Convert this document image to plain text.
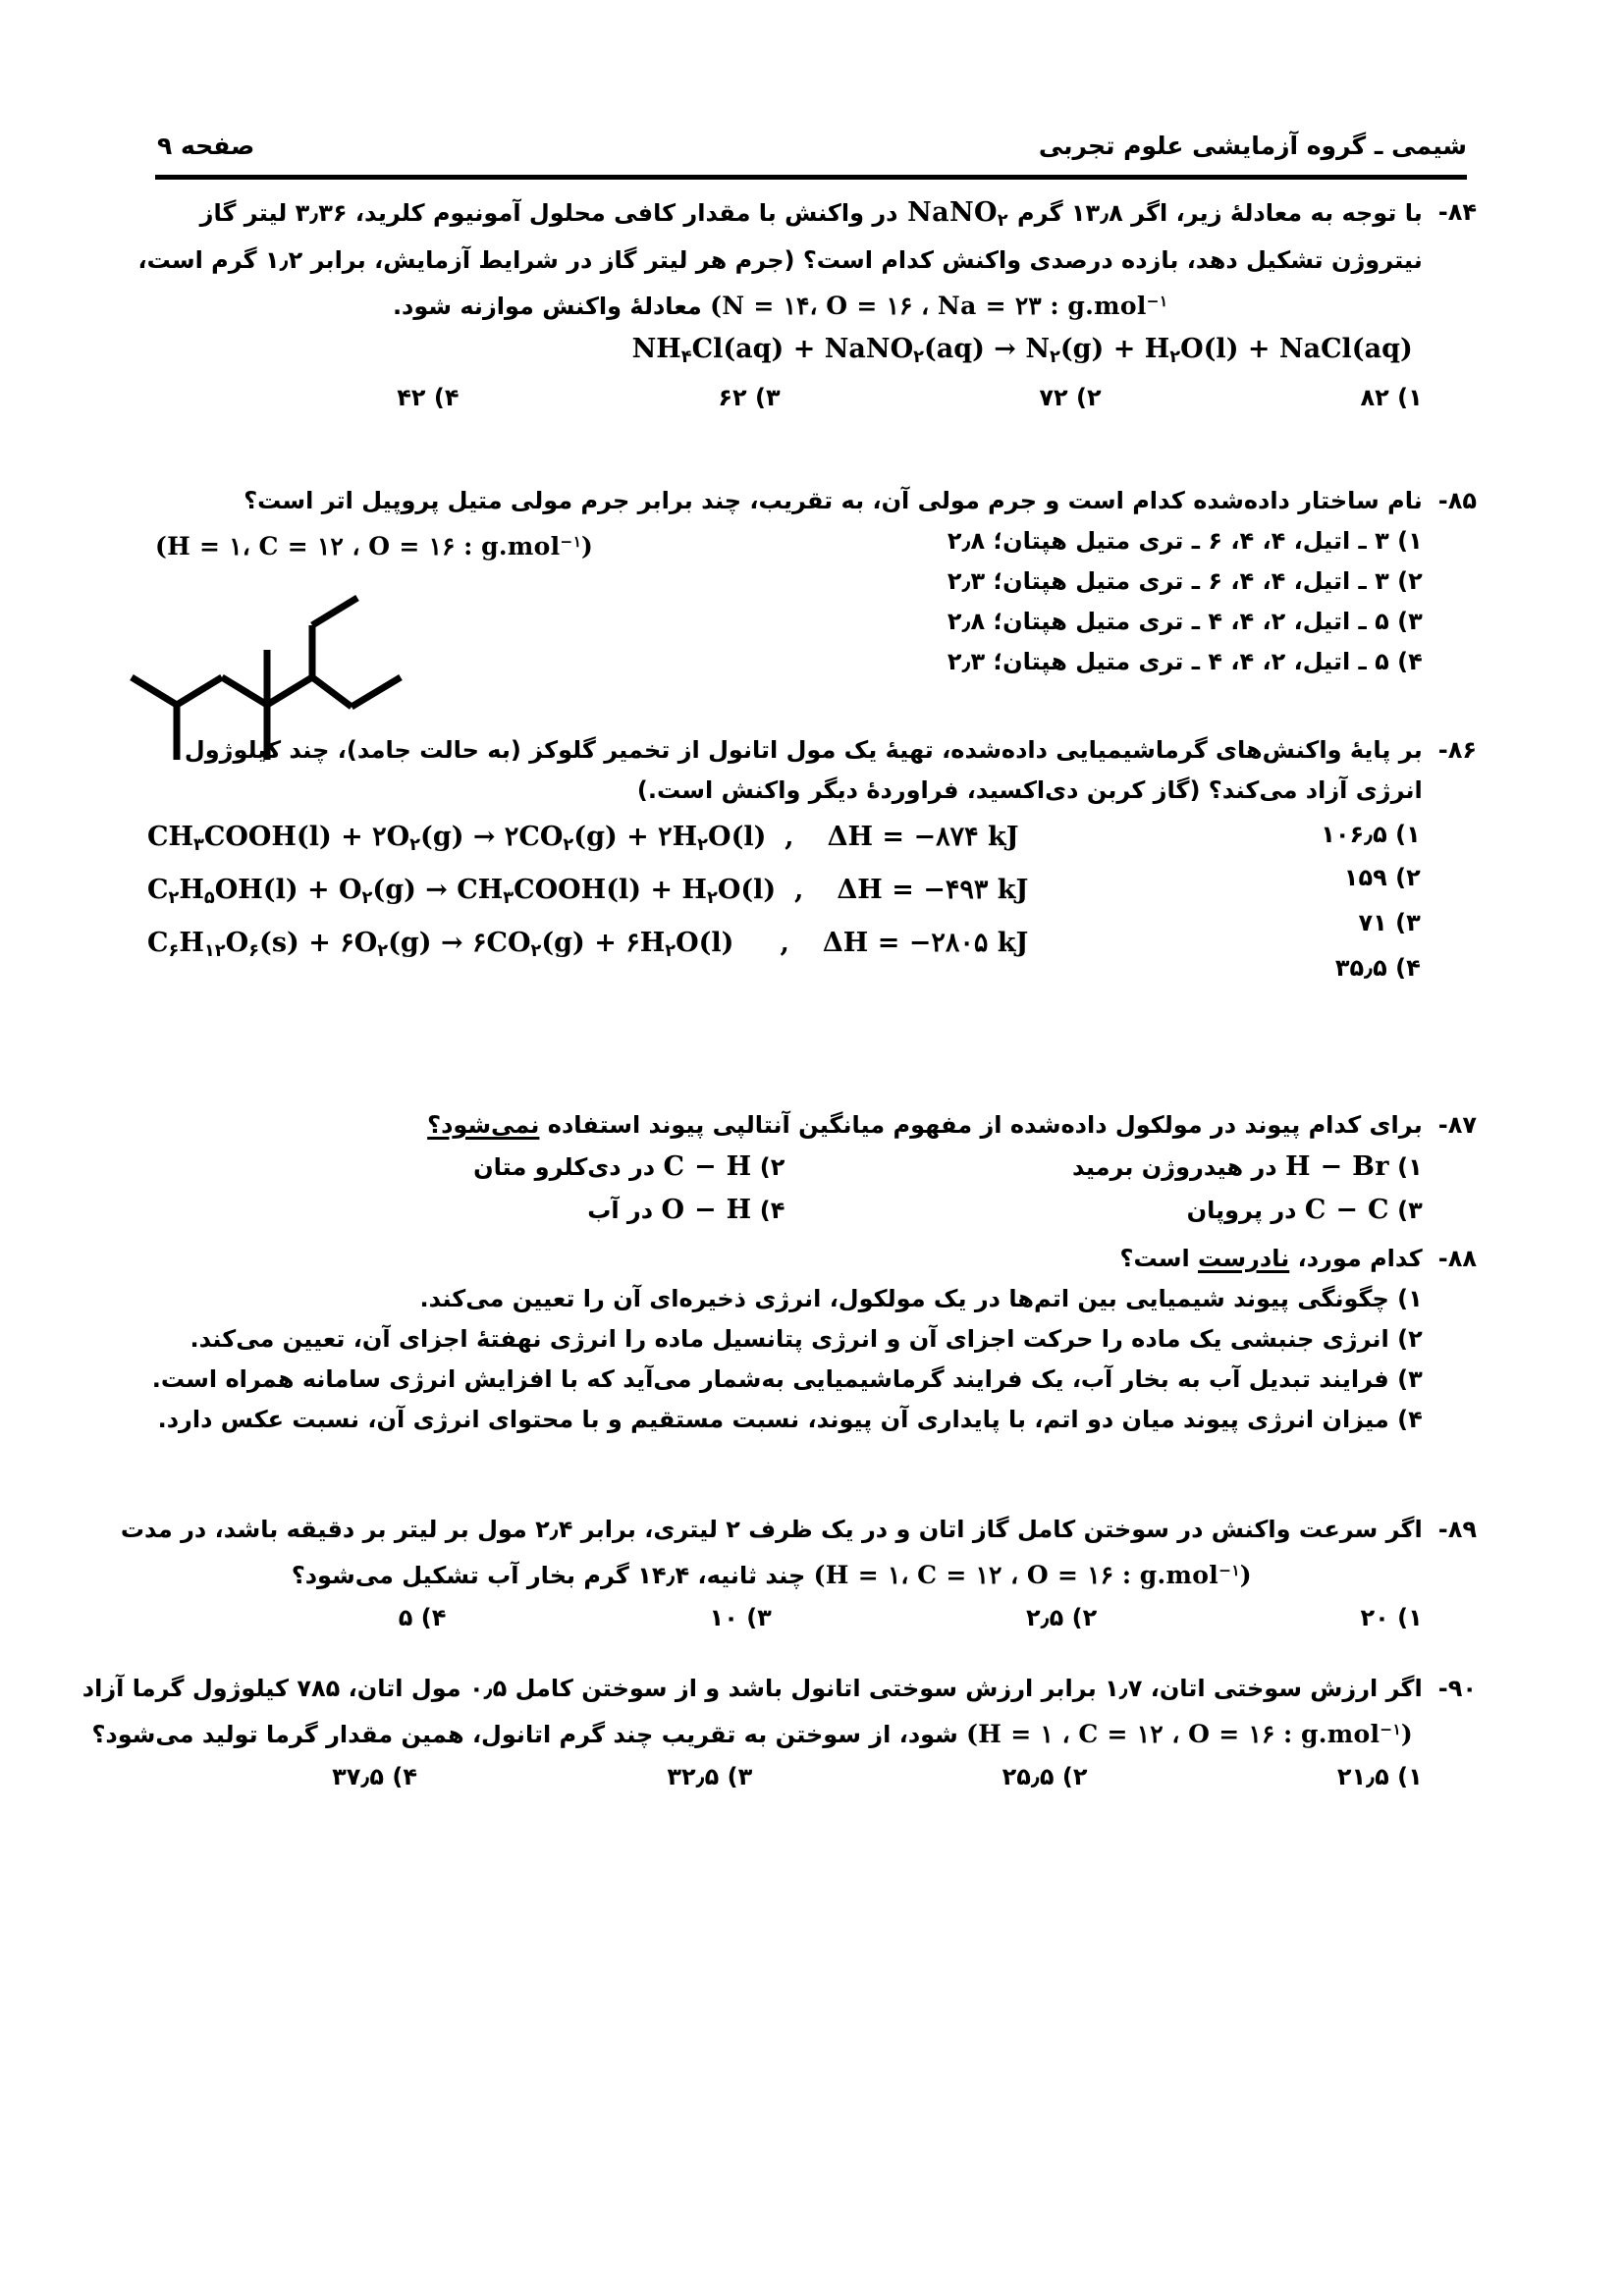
شیمی ـ گروه آزمایشی علوم تجربی
صفحه ۹
۸۴-
با توجه به معادلهٔ زیر، اگر ۱۳٫۸ گرم NaNO$_۲$ در واکنش با مقدار کافی محلول آمونیوم کلرید، ۳٫۳۶ لیتر گاز
نیتروژن تشکیل دهد، بازده درصدی واکنش کدام است؟ (جرم هر لیتر گاز در شرایط آزمایش، برابر ۱٫۲ گرم است،
(N = ۱۴، O = ۱۶ ، Na = ۲۳ : g.mol$^{-۱}$ معادلهٔ واکنش موازنه شود.
$NH_۴Cl(aq)$ + NaNO$_۲$(aq) → $N_۲(g) + H_۲O(l)$ + NaCl(aq)
۱) ۸۲
۲) ۷۲
۳) ۶۲
۴) ۴۲
۸۵-
نام ساختار داده‌شده کدام است و جرم مولی آن، به تقریب، چند برابر جرم مولی متیل پروپیل اتر است؟
۱) ۳ ـ اتیل، ۴، ۴، ۶ ـ تری متیل هپتان؛ ۲٫۸
۲) ۳ ـ اتیل، ۴، ۴، ۶ ـ تری متیل هپتان؛ ۲٫۳
۳) ۵ ـ اتیل، ۲، ۴، ۴ ـ تری متیل هپتان؛ ۲٫۸
۴) ۵ ـ اتیل، ۲، ۴، ۴ ـ تری متیل هپتان؛ ۲٫۳
(H = ۱، C = ۱۲ ، O = ۱۶ : g.mol$^{-۱}$)
۸۶-
بر پایهٔ واکنش‌های گرماشیمیایی داده‌شده، تهیهٔ یک مول اتانول از تخمیر گلوکز (به حالت جامد)، چند کیلوژول
انرژی آزاد می‌کند؟ (گاز کربن دی‌اکسید، فراوردهٔ دیگر واکنش است.)
$CH_۳COOH(l)$ + $۲O_۲(g)$ → $۲CO_۲(g)$ + $۲H_۲O(l)$  ,	ΔH = −۸۷۴ kJ
$C_۲H_۵OH(l) + O_۲(g)$ → $CH_۳COOH(l) + H_۲O(l)$  ,	ΔH = −۴۹۳ kJ
$C_۶H_{۱۲}O_۶(s)$ + $۶O_۲(g)$ → $۶CO_۲(g)$ + $۶H_۲O(l)$     ,	ΔH = −۲۸۰۵ kJ
۱) ۱۰۶٫۵
۲) ۱۵۹
۳) ۷۱
۴) ۳۵٫۵
۸۷-
برای کدام پیوند در مولکول داده‌شده از مفهوم میانگین آنتالپی پیوند استفاده نمی‌شود؟
۱) H − Br در هیدروژن برمید
۲) C − H در دی‌کلرو متان
۳) C − C در پروپان
۴) O − H در آب
۸۸-
کدام مورد، نادرست است؟
۱) چگونگی پیوند شیمیایی بین اتم‌ها در یک مولکول، انرژی ذخیره‌ای آن را تعیین می‌کند.
۲) انرژی جنبشی یک ماده را حرکت اجزای آن و انرژی پتانسیل ماده را انرژی نهفتهٔ اجزای آن، تعیین می‌کند.
۳) فرایند تبدیل آب به بخار آب، یک فرایند گرماشیمیایی به‌شمار می‌آید که با افزایش انرژی سامانه همراه است.
۴) میزان انرژی پیوند میان دو اتم، با پایداری آن پیوند، نسبت مستقیم و با محتوای انرژی آن، نسبت عکس دارد.
۸۹-
اگر سرعت واکنش در سوختن کامل گاز اتان و در یک ظرف ۲ لیتری، برابر ۲٫۴ مول بر لیتر بر دقیقه باشد، در مدت
(H = ۱، C = ۱۲ ، O = ۱۶ : g.mol$^{-۱}$) چند ثانیه، ۱۴٫۴ گرم بخار آب تشکیل می‌شود؟
۱) ۲۰
۲) ۲٫۵
۳) ۱۰
۴) ۵
۹۰-
اگر ارزش سوختی اتان، ۱٫۷ برابر ارزش سوختی اتانول باشد و از سوختن کامل ۰٫۵ مول اتان، ۷۸۵ کیلوژول گرما آزاد
(H = ۱ ، C = ۱۲ ، O = ۱۶ : g.mol$^{-۱}$) شود، از سوختن به تقریب چند گرم اتانول، همین مقدار گرما تولید می‌شود؟
۱) ۲۱٫۵
۲) ۲۵٫۵
۳) ۳۲٫۵
۴) ۳۷٫۵
